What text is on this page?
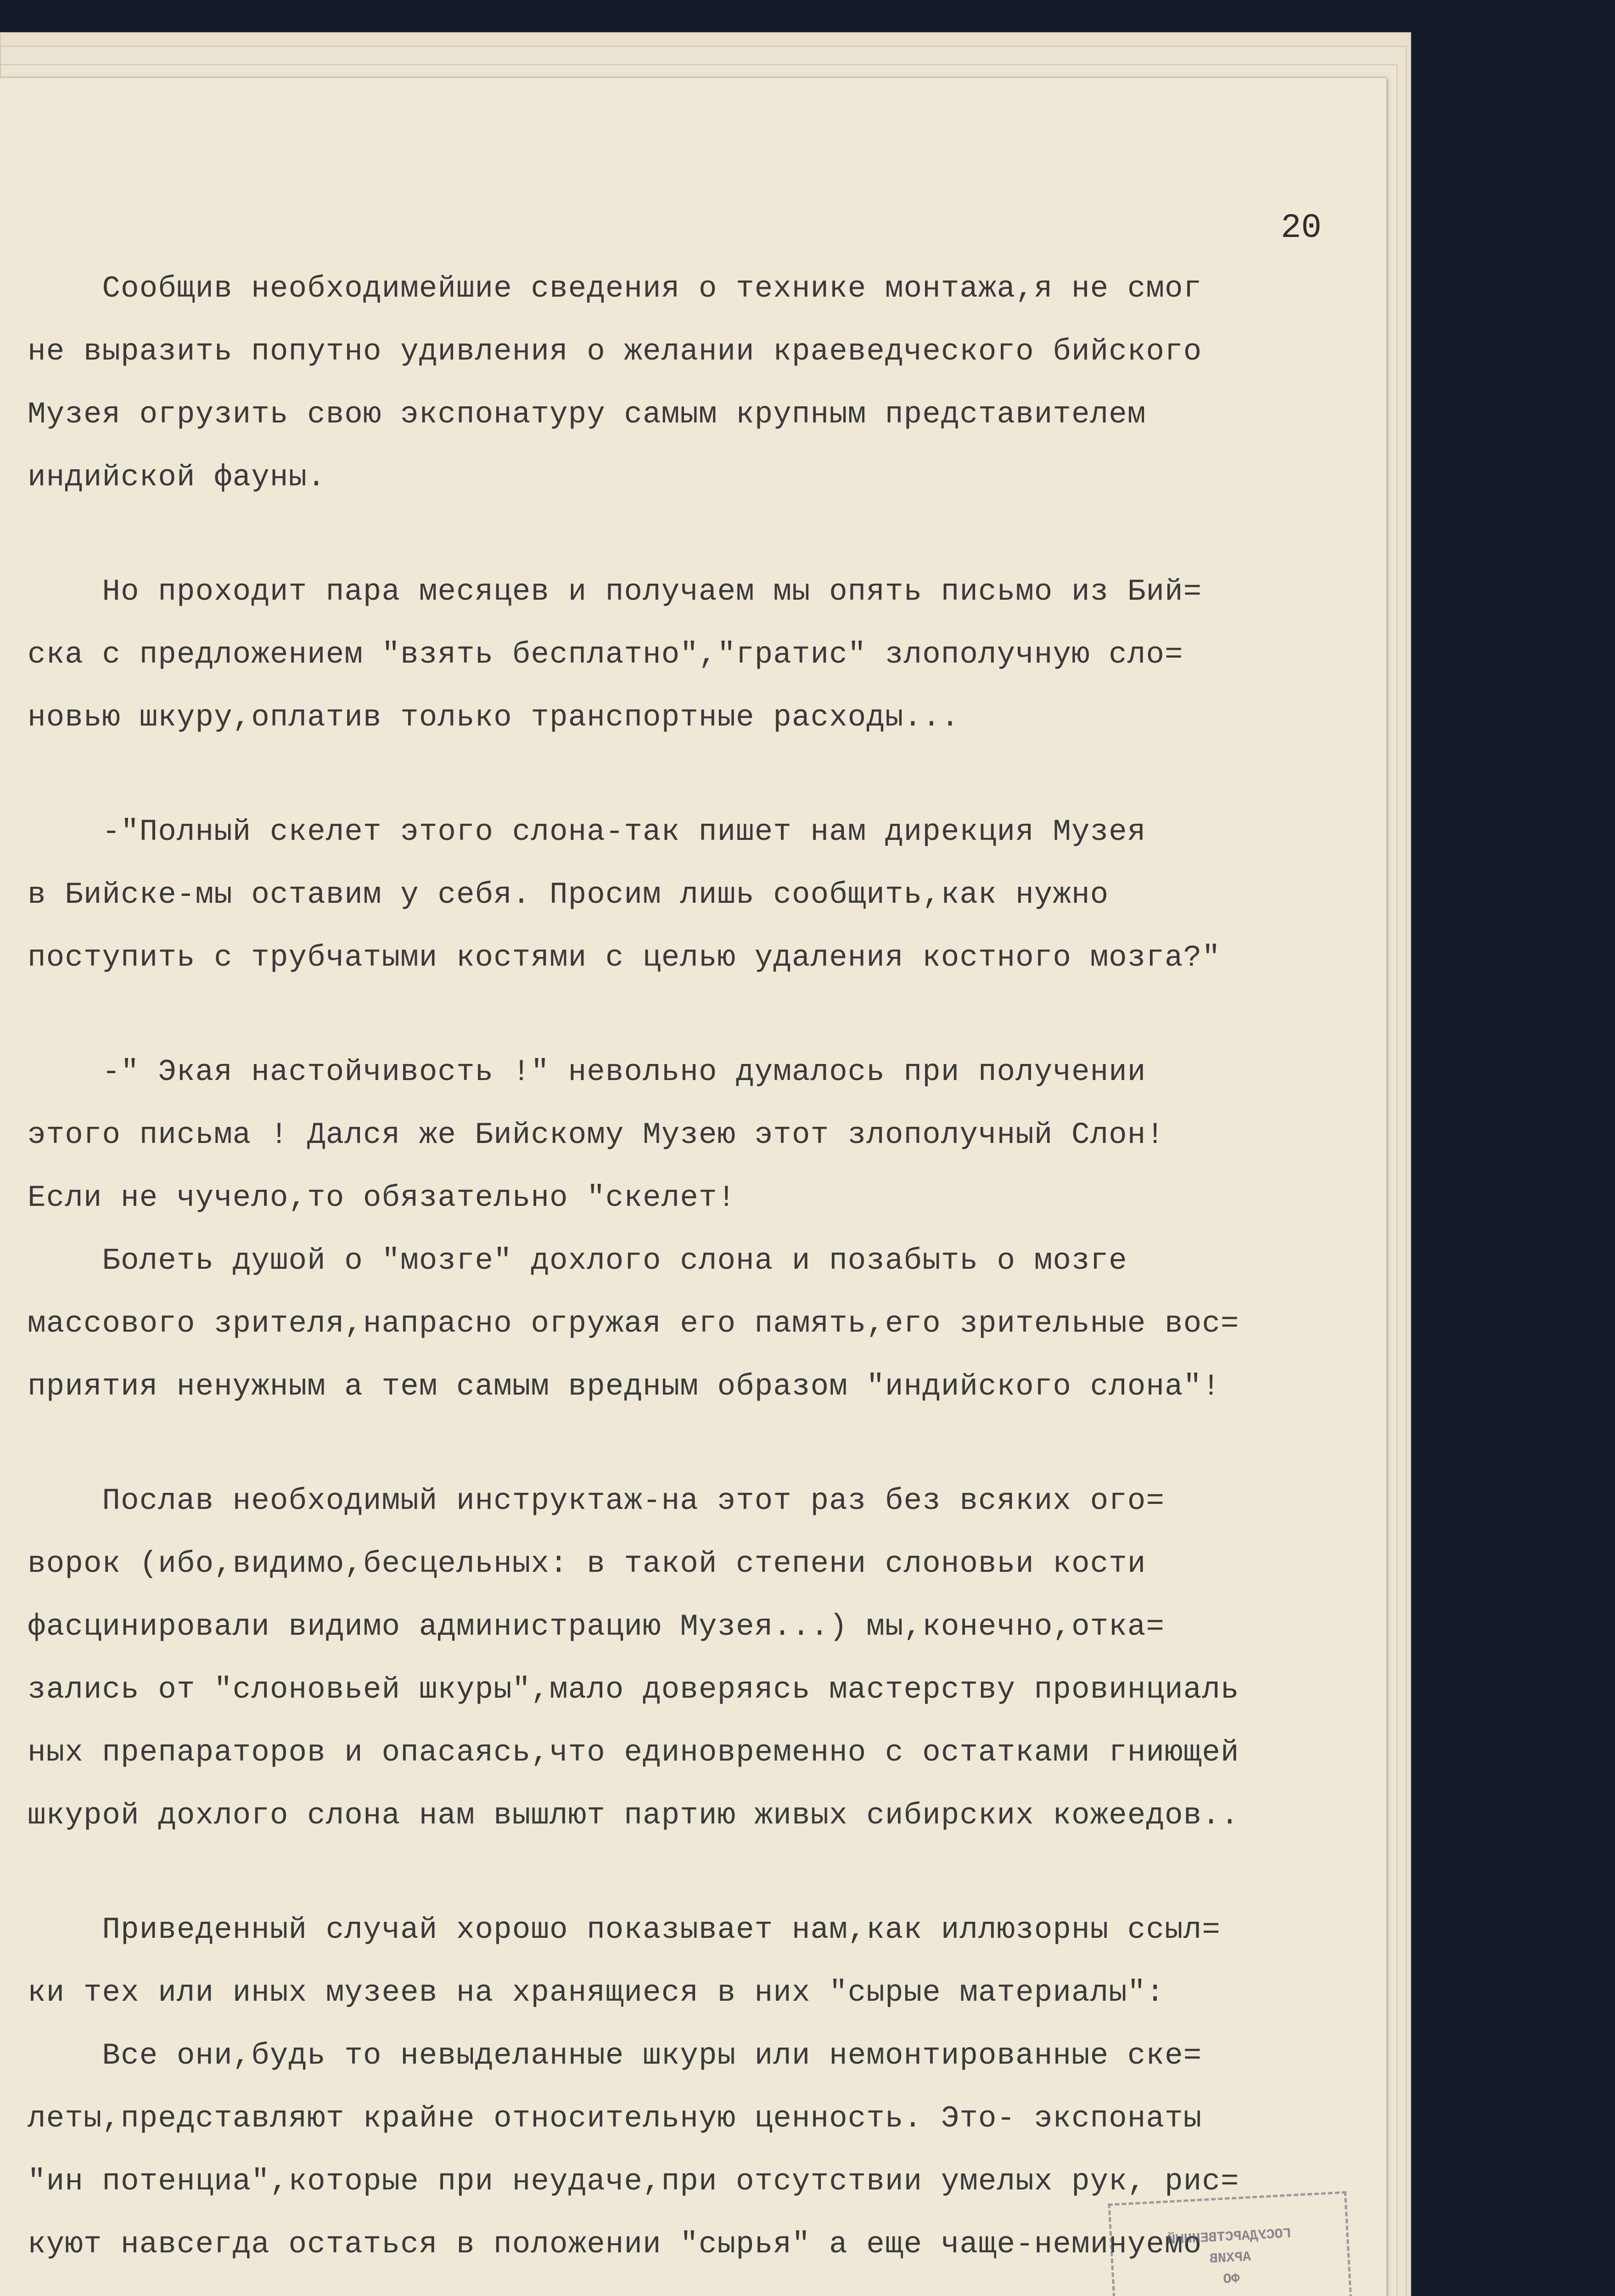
20
Сообщив необходимейшие сведения о технике монтажа,я не смог
не выразить попутно удивления о желании краеведческого бийского
Музея огрузить свою экспонатуру самым крупным представителем
индийской фауны.
Но проходит пара месяцев и получаем мы опять письмо из Бий=
ска с предложением "взять бесплатно","гратис" злополучную сло=
новью шкуру,оплатив только транспортные расходы...
-"Полный скелет этого слона-так пишет нам дирекция Музея
в Бийске-мы оставим у себя. Просим лишь сообщить,как нужно
поступить с трубчатыми костями с целью удаления костного мозга?"
-" Экая настойчивость !" невольно думалось при получении
этого письма ! Дался же Бийскому Музею этот злополучный Слон!
Если не чучело,то обязательно "скелет!
Болеть душой о "мозге" дохлого слона и позабыть о мозге
массового зрителя,напрасно огружая его память,его зрительные вос=
приятия ненужным а тем самым вредным образом "индийского слона"!
Послав необходимый инструктаж-на этот раз без всяких ого=
ворок (ибо,видимо,бесцельных: в такой степени слоновьи кости
фасцинировали видимо администрацию Музея...) мы,конечно,отка=
зались от "слоновьей шкуры",мало доверяясь мастерству провинциаль
ных препараторов и опасаясь,что единовременно с остатками гниющей
шкурой дохлого слона нам вышлют партию живых сибирских кожеедов..
Приведенный случай хорошо показывает нам,как иллюзорны ссыл=
ки тех или иных музеев на хранящиеся в них "сырые материалы":
Все они,будь то невыделанные шкуры или немонтированные ске=
леты,представляют крайне относительную ценность. Это- экспонаты
"ин потенциа",которые при неудаче,при отсутствии умелых рук, рис=
куют навсегда остаться в положении "сырья" а еще чаще-неминуемо
ГОСУДАРСТВЕННЫЙ
АРХИВ
ФО
